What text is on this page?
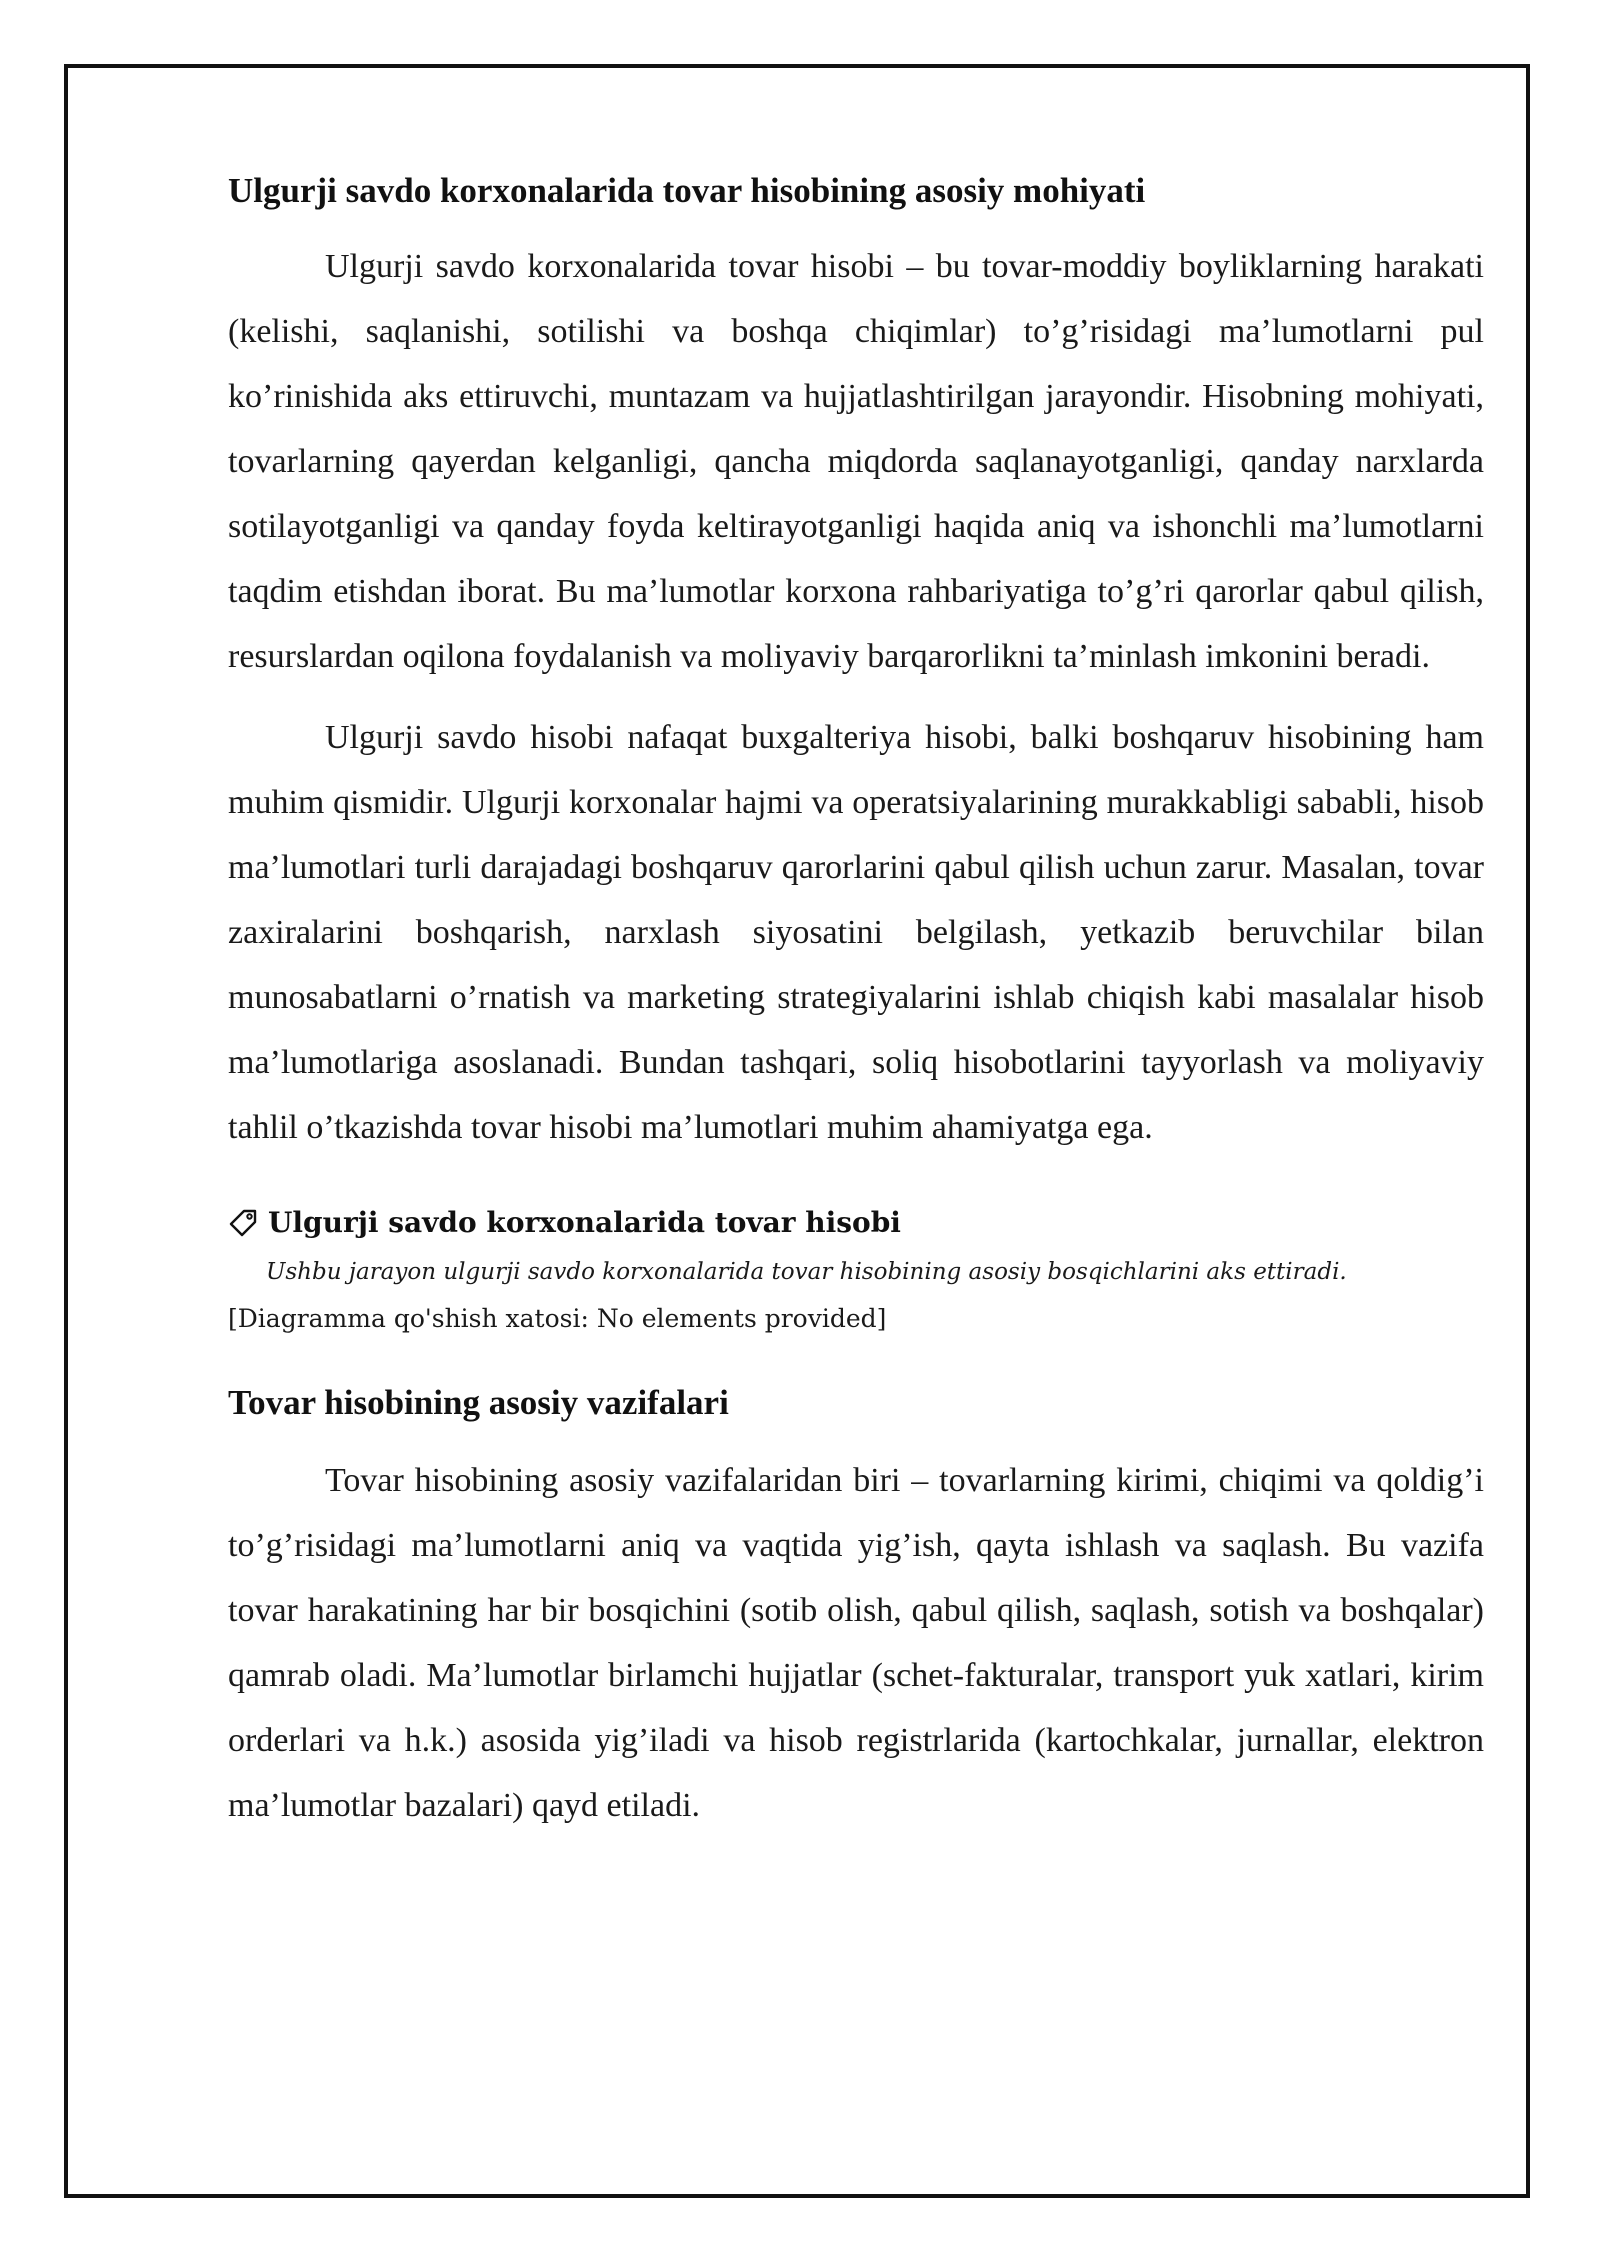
Ulgurji savdo korxonalarida tovar hisobining asosiy mohiyati

Ulgurji savdo korxonalarida tovar hisobi – bu tovar-moddiy boyliklarning harakati (kelishi, saqlanishi, sotilishi va boshqa chiqimlar) to’g’risidagi ma’lumotlarni pul ko’rinishida aks ettiruvchi, muntazam va hujjatlashtirilgan jarayondir. Hisobning mohiyati, tovarlarning qayerdan kelganligi, qancha miqdorda saqlanayotganligi, qanday narxlarda sotilayotganligi va qanday foyda keltirayotganligi haqida aniq va ishonchli ma’lumotlarni taqdim etishdan iborat. Bu ma’lumotlar korxona rahbariyatiga to’g’ri qarorlar qabul qilish, resurslardan oqilona foydalanish va moliyaviy barqarorlikni ta’minlash imkonini beradi.

Ulgurji savdo hisobi nafaqat buxgalteriya hisobi, balki boshqaruv hisobining ham muhim qismidir. Ulgurji korxonalar hajmi va operatsiyalarining murakkabligi sababli, hisob ma’lumotlari turli darajadagi boshqaruv qarorlarini qabul qilish uchun zarur. Masalan, tovar zaxiralarini boshqarish, narxlash siyosatini belgilash, yetkazib beruvchilar bilan munosabatlarni o’rnatish va marketing strategiyalarini ishlab chiqish kabi masalalar hisob ma’lumotlariga asoslanadi. Bundan tashqari, soliq hisobotlarini tayyorlash va moliyaviy tahlil o’tkazishda tovar hisobi ma’lumotlari muhim ahamiyatga ega.

Ulgurji savdo korxonalarida tovar hisobi
Ushbu jarayon ulgurji savdo korxonalarida tovar hisobining asosiy bosqichlarini aks ettiradi.
[Diagramma qo'shish xatosi: No elements provided]
Tovar hisobining asosiy vazifalari

Tovar hisobining asosiy vazifalaridan biri – tovarlarning kirimi, chiqimi va qoldig’i to’g’risidagi ma’lumotlarni aniq va vaqtida yig’ish, qayta ishlash va saqlash. Bu vazifa tovar harakatining har bir bosqichini (sotib olish, qabul qilish, saqlash, sotish va boshqalar) qamrab oladi. Ma’lumotlar birlamchi hujjatlar (schet-fakturalar, transport yuk xatlari, kirim orderlari va h.k.) asosida yig’iladi va hisob registrlarida (kartochkalar, jurnallar, elektron ma’lumotlar bazalari) qayd etiladi.
